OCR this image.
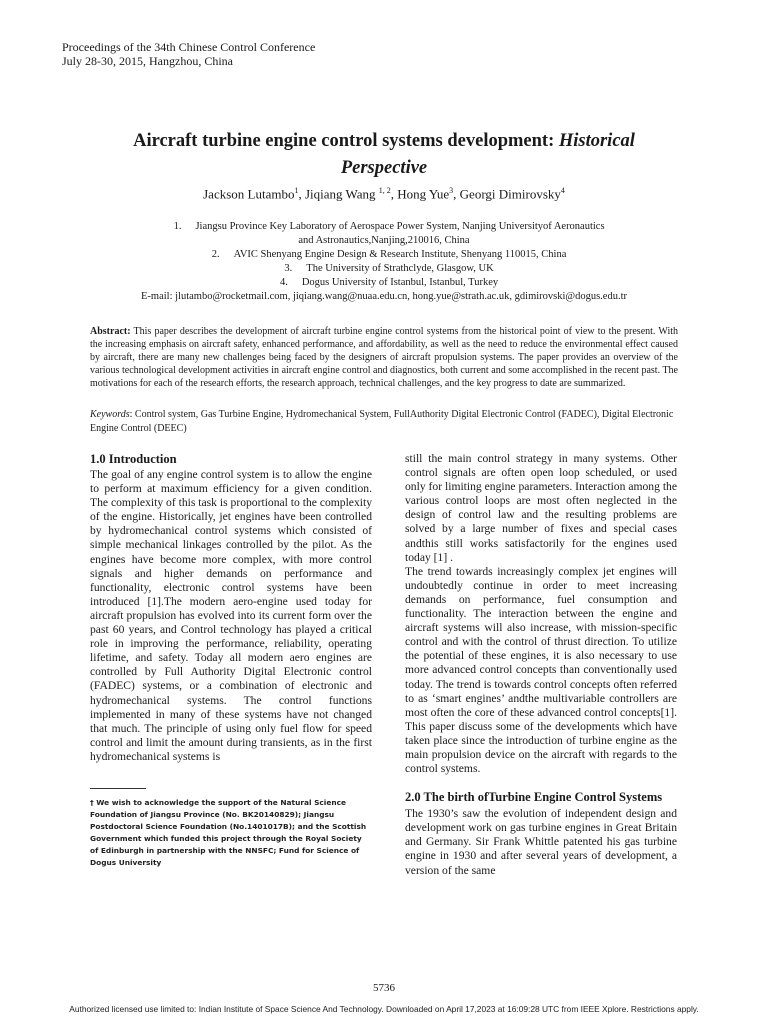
Proceedings of the 34th Chinese Control Conference
July 28-30, 2015, Hangzhou, China
Aircraft turbine engine control systems development: Historical
Perspective
Jackson Lutambo$^1$, Jiqiang Wang $^{1, 2}$, Hong Yue$^3$, Georgi Dimirovsky$^4$
1. Jiangsu Province Key Laboratory of Aerospace Power System, Nanjing Universityof Aeronautics
and Astronautics,Nanjing,210016, China
2. AVIC Shenyang Engine Design & Research Institute, Shenyang 110015, China
3. The University of Strathclyde, Glasgow, UK
4. Dogus University of Istanbul, Istanbul, Turkey
E-mail: jlutambo@rocketmail.com, jiqiang.wang@nuaa.edu.cn, hong.yue@strath.ac.uk, gdimirovski@dogus.edu.tr
Abstract: This paper describes the development of aircraft turbine engine control systems from the historical point of view to the present. With the increasing emphasis on aircraft safety, enhanced performance, and affordability, as well as the need to reduce the environmental effect caused by aircraft, there are many new challenges being faced by the designers of aircraft propulsion systems. The paper provides an overview of the various technological development activities in aircraft engine control and diagnostics, both current and some accomplished in the recent past. The motivations for each of the research efforts, the research approach, technical challenges, and the key progress to date are summarized.
Keywords: Control system, Gas Turbine Engine, Hydromechanical System, FullAuthority Digital Electronic Control (FADEC), Digital Electronic Engine Control (DEEC)
1.0 Introduction

The goal of any engine control system is to allow the engine to perform at maximum efficiency for a given condition. The complexity of this task is proportional to the complexity of the engine. Historically, jet engines have been controlled by hydromechanical control systems which consisted of simple mechanical linkages controlled by the pilot. As the engines have become more complex, with more control signals and higher demands on performance and functionality, electronic control systems have been introduced [1].The modern aero-engine used today for aircraft propulsion has evolved into its current form over the past 60 years, and Control technology has played a critical role in improving the performance, reliability, operating lifetime, and safety. Today all modern aero engines are controlled by Full Authority Digital Electronic control (FADEC) systems, or a combination of electronic and hydromechanical systems. The control functions implemented in many of these systems have not changed that much. The principle of using only fuel flow for speed control and limit the amount during transients, as in the first hydromechanical systems is

† We wish to acknowledge the support of the Natural Science Foundation of Jiangsu Province (No. BK20140829); Jiangsu Postdoctoral Science Foundation (No.1401017B); and the Scottish Government which funded this project through the Royal Society of Edinburgh in partnership with the NNSFC; Fund for Science of Dogus University

still the main control strategy in many systems. Other control signals are often open loop scheduled, or used only for limiting engine parameters. Interaction among the various control loops are most often neglected in the design of control law and the resulting problems are solved by a large number of fixes and special cases andthis still works satisfactorily for the engines used today [1] .

The trend towards increasingly complex jet engines will undoubtedly continue in order to meet increasing demands on performance, fuel consumption and functionality. The interaction between the engine and aircraft systems will also increase, with mission-specific control and with the control of thrust direction. To utilize the potential of these engines, it is also necessary to use more advanced control concepts than conventionally used today. The trend is towards control concepts often referred to as ‘smart engines’ andthe multivariable controllers are most often the core of these advanced control concepts[1]. This paper discuss some of the developments which have taken place since the introduction of turbine engine as the main propulsion device on the aircraft with regards to the control systems.

2.0 The birth ofTurbine Engine Control Systems

The 1930’s saw the evolution of independent design and development work on gas turbine engines in Great Britain and Germany. Sir Frank Whittle patented his gas turbine engine in 1930 and after several years of development, a version of the same

5736
Authorized licensed use limited to: Indian Institute of Space Science And Technology. Downloaded on April 17,2023 at 16:09:28 UTC from IEEE Xplore. Restrictions apply.
